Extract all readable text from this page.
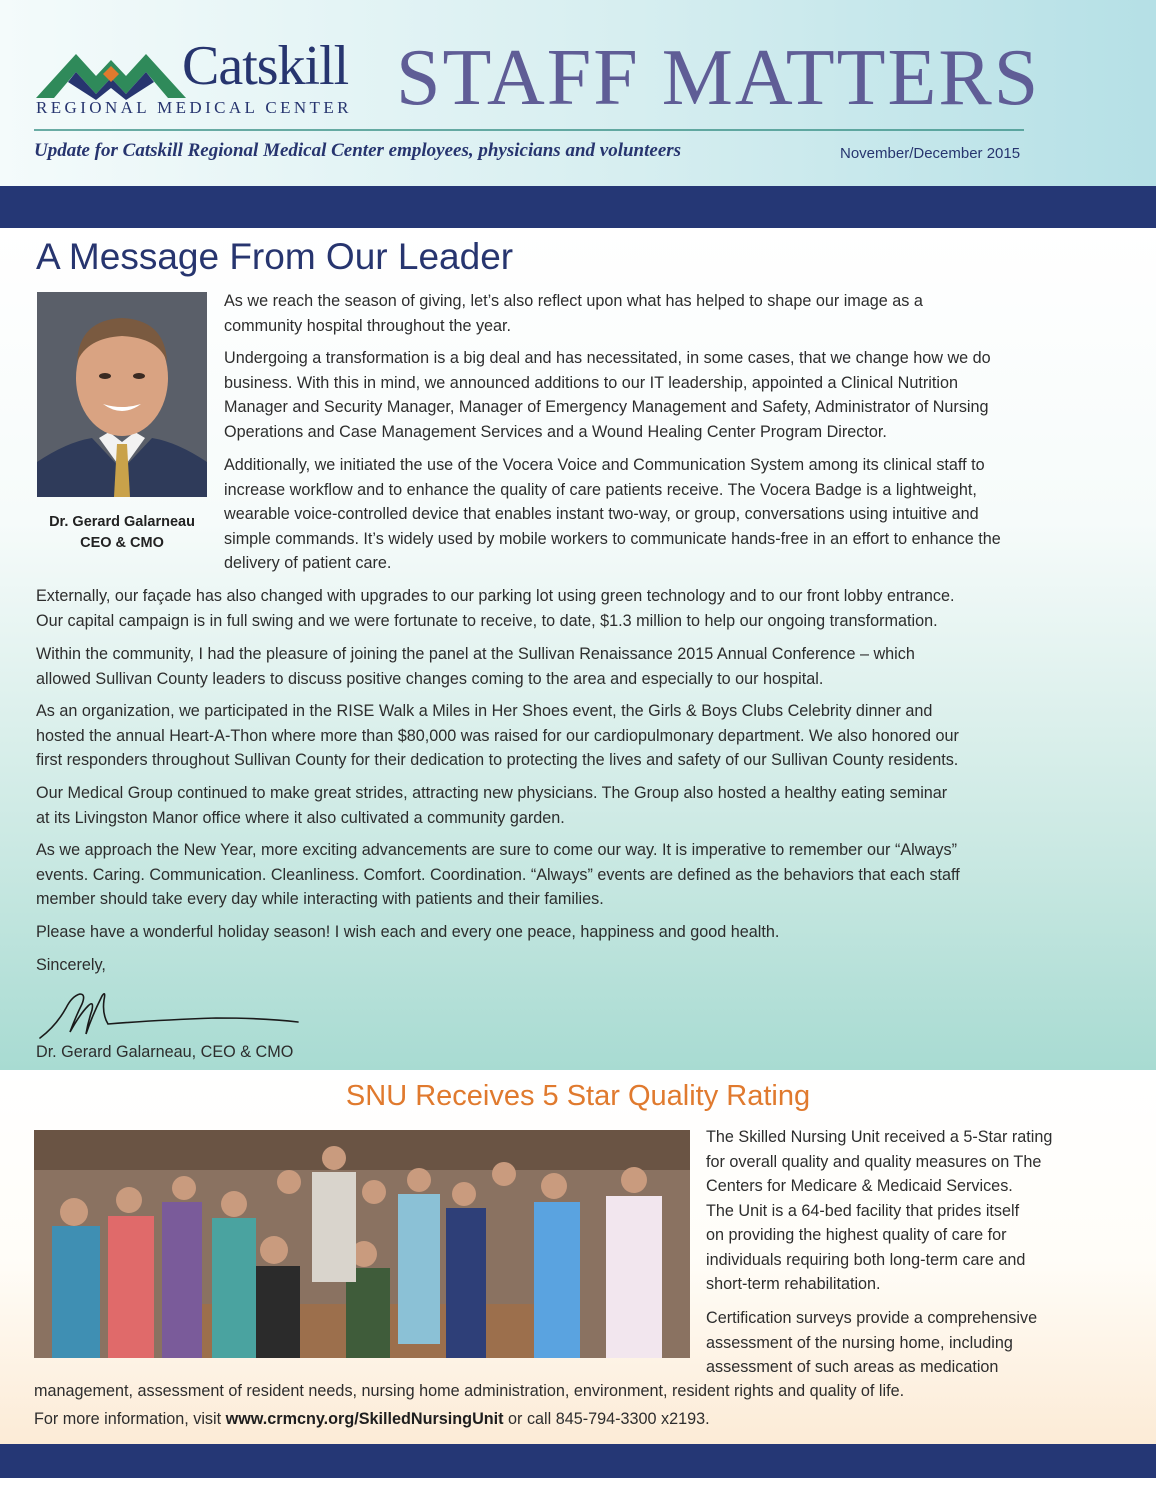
Catskill
REGIONAL MEDICAL CENTER STAFF MATTERS
Update for Catskill Regional Medical Center employees, physicians and volunteers	November/December 2015
A Message From Our Leader
Dr. Gerard Galarneau
CEO & CMO
As we reach the season of giving, let’s also reflect upon what has helped to shape our image as a
community hospital throughout the year.
Undergoing a transformation is a big deal and has necessitated, in some cases, that we change how we do
business. With this in mind, we announced additions to our IT leadership, appointed a Clinical Nutrition
Manager and Security Manager, Manager of Emergency Management and Safety, Administrator of Nursing
Operations and Case Management Services and a Wound Healing Center Program Director.
Additionally, we initiated the use of the Vocera Voice and Communication System among its clinical staff to
increase workflow and to enhance the quality of care patients receive. The Vocera Badge is a lightweight,
wearable voice-controlled device that enables instant two-way, or group, conversations using intuitive and
simple commands. It’s widely used by mobile workers to communicate hands-free in an effort to enhance the
delivery of patient care.
Externally, our façade has also changed with upgrades to our parking lot using green technology and to our front lobby entrance.
Our capital campaign is in full swing and we were fortunate to receive, to date, $1.3 million to help our ongoing transformation.
Within the community, I had the pleasure of joining the panel at the Sullivan Renaissance 2015 Annual Conference – which
allowed Sullivan County leaders to discuss positive changes coming to the area and especially to our hospital.
As an organization, we participated in the RISE Walk a Miles in Her Shoes event, the Girls & Boys Clubs Celebrity dinner and
hosted the annual Heart-A-Thon where more than $80,000 was raised for our cardiopulmonary department. We also honored our
first responders throughout Sullivan County for their dedication to protecting the lives and safety of our Sullivan County residents.
Our Medical Group continued to make great strides, attracting new physicians. The Group also hosted a healthy eating seminar
at its Livingston Manor office where it also cultivated a community garden.
As we approach the New Year, more exciting advancements are sure to come our way. It is imperative to remember our “Always”
events. Caring. Communication. Cleanliness. Comfort. Coordination. “Always” events are defined as the behaviors that each staff
member should take every day while interacting with patients and their families.
Please have a wonderful holiday season! I wish each and every one peace, happiness and good health.
Sincerely,
Dr. Gerard Galarneau, CEO & CMO
SNU Receives 5 Star Quality Rating
The Skilled Nursing Unit received a 5-Star rating
for overall quality and quality measures on The
Centers for Medicare & Medicaid Services.
The Unit is a 64-bed facility that prides itself
on providing the highest quality of care for
individuals requiring both long-term care and
short-term rehabilitation.
Certification surveys provide a comprehensive
assessment of the nursing home, including
assessment of such areas as medication
management, assessment of resident needs, nursing home administration, environment, resident rights and quality of life.
For more information, visit www.crmcny.org/SkilledNursingUnit or call 845-794-3300 x2193.
